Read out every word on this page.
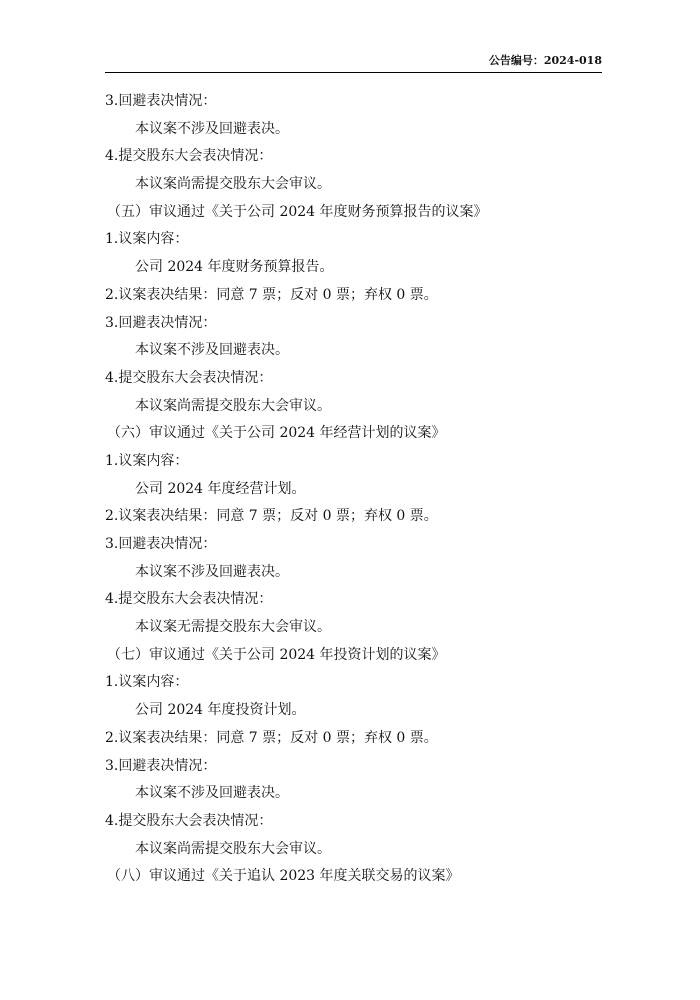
公告编号：2024-018
3.回避表决情况：
本议案不涉及回避表决。
4.提交股东大会表决情况：
本议案尚需提交股东大会审议。
（五）审议通过《关于公司 2024 年度财务预算报告的议案》
1.议案内容：
公司 2024 年度财务预算报告。
2.议案表决结果：同意 7 票；反对 0 票；弃权 0 票。
3.回避表决情况：
本议案不涉及回避表决。
4.提交股东大会表决情况：
本议案尚需提交股东大会审议。
（六）审议通过《关于公司 2024 年经营计划的议案》
1.议案内容：
公司 2024 年度经营计划。
2.议案表决结果：同意 7 票；反对 0 票；弃权 0 票。
3.回避表决情况：
本议案不涉及回避表决。
4.提交股东大会表决情况：
本议案无需提交股东大会审议。
（七）审议通过《关于公司 2024 年投资计划的议案》
1.议案内容：
公司 2024 年度投资计划。
2.议案表决结果：同意 7 票；反对 0 票；弃权 0 票。
3.回避表决情况：
本议案不涉及回避表决。
4.提交股东大会表决情况：
本议案尚需提交股东大会审议。
（八）审议通过《关于追认 2023 年度关联交易的议案》
